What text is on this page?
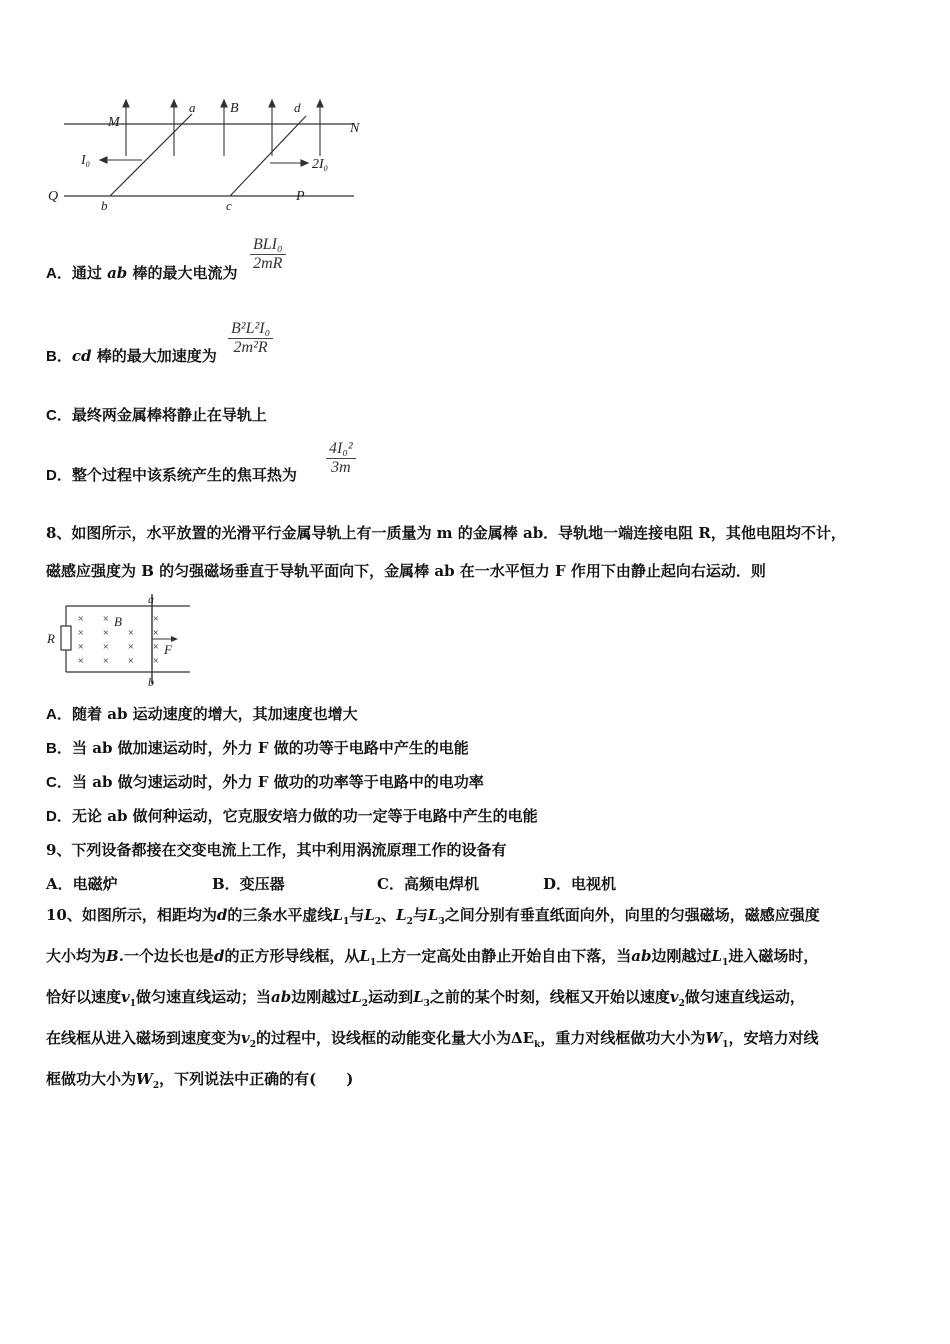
M	N
Q	P
a
b	c
d
B
$I_0$	$2I_0$
A．通过 ab 棒的最大电流为
BLI₀
2mR
B．cd 棒的最大加速度为 $\frac{\text{B²L²I₀}}{\text{2m²R}}$
C．最终两金属棒将静止在导轨上
D．整个过程中该系统产生的焦耳热为 $\frac{\text{4I₀²}}{3m}$
8、如图所示，水平放置的光滑平行金属导轨上有一质量为 m 的金属棒 ab．导轨地一端连接电阻 R，其他电阻均不计，
磁感应强度为 B 的匀强磁场垂直于导轨平面向下，金属棒 ab 在一水平恒力 F 作用下由静止起向右运动．则
× ×	×
× × × ×
× × × ×
× × × ×
R
B
a
b
F
随着 ab 运动速度的增大，其加速度也增大
A．
当 ab 做加速运动时，外力 F 做的功等于电路中产生的电能
B．
当 ab 做匀速运动时，外力 F 做功的功率等于电路中的电功率
C．
无论 ab 做何种运动，它克服安培力做的功一定等于电路中产生的电能
D．
9、下列设备都接在交变电流上工作，其中利用涡流原理工作的设备有
A．电磁炉	B．变压器	C．高频电焊机	D．电视机
10、如图所示，相距均为d的三条水平虚线$L_1$与$L_2$、$L_2$与$L_3$之间分别有垂直纸面向外，向里的匀强磁场，磁感应强度
大小均为B.一个边长也是d的正方形导线框，从$L_1$上方一定高处由静止开始自由下落，当ab边刚越过$L_1$进入磁场时，
恰好以速度$v_1$做匀速直线运动；当ab边刚越过$L_2$运动到$L_3$之前的某个时刻，线框又开始以速度$v_2$做匀速直线运动，
在线框从进入磁场到速度变为$v_2$的过程中，设线框的动能变化量大小为$\Delta E_k$，重力对线框做功大小为$W_1$，安培力对线
框做功大小为$W_2$，下列说法中正确的有(　　)
